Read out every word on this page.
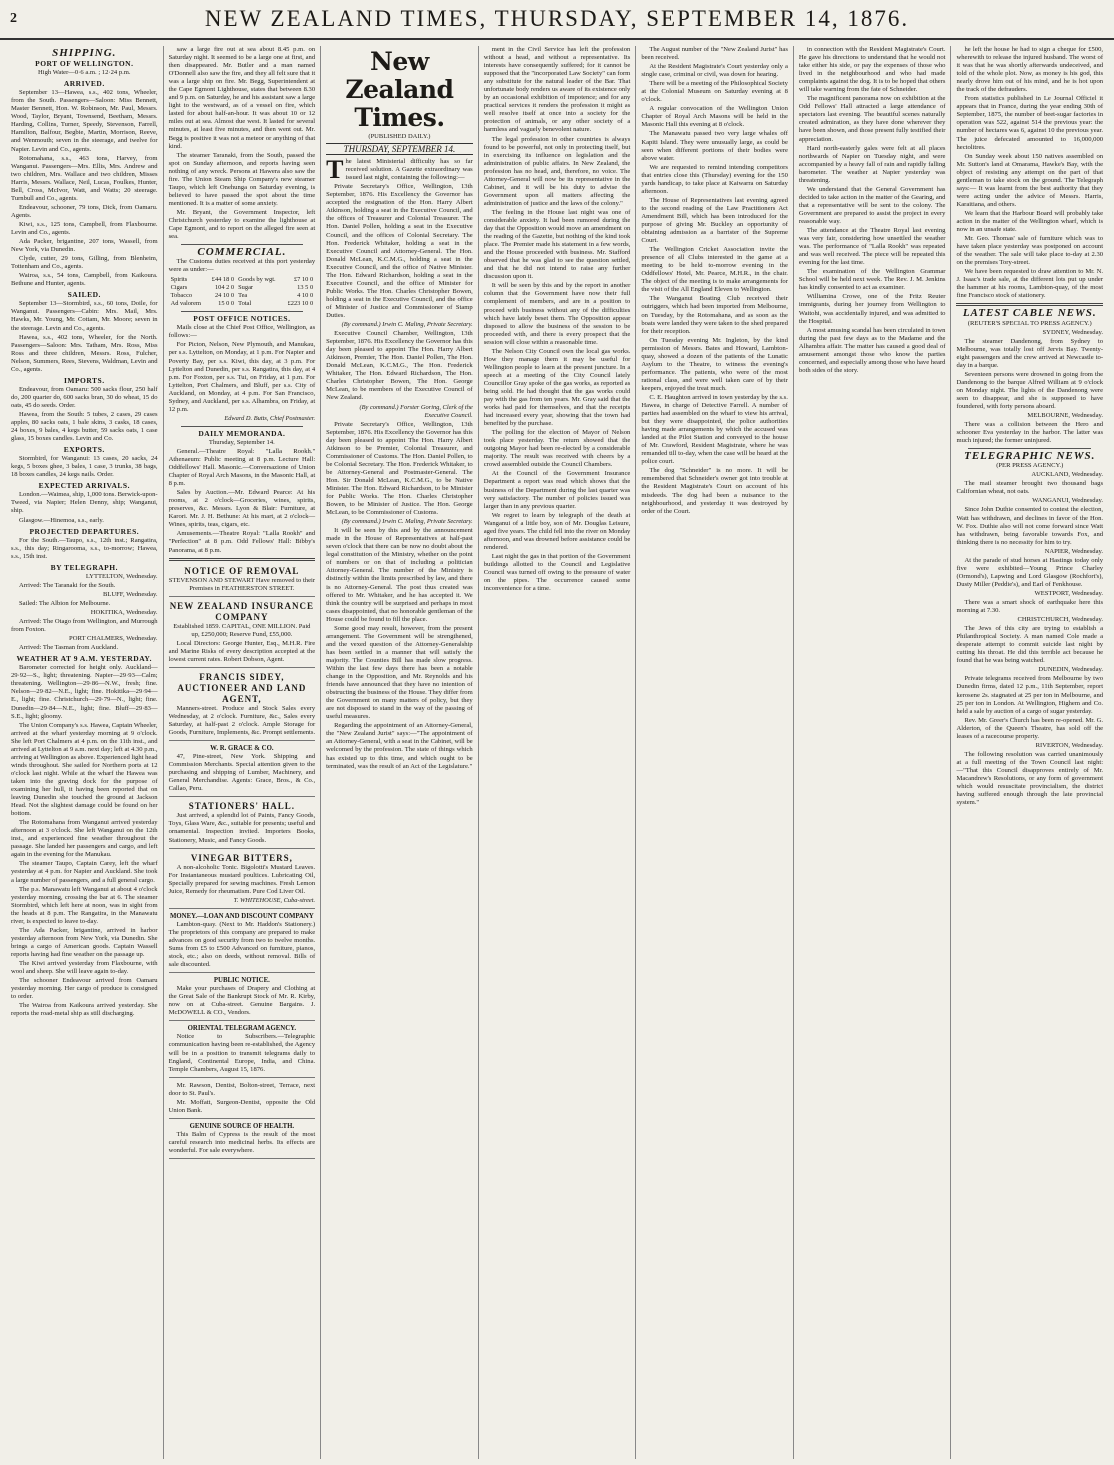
2	NEW ZEALAND TIMES, THURSDAY, SEPTEMBER 14, 1876.
SHIPPING.
PORT OF WELLINGTON.

High Water—0·6 a.m. ; 12·24 p.m.

ARRIVED.

September 13—Hawea, s.s., 402 tons, Wheeler, from the South. Passengers—Saloon: Miss Bennett, Master Bennett, Hon. W. Robinson, Mr. Paul, Messrs. Wood, Taylor, Bryant, Townsend, Beetham, Messrs. Harding, Collins, Turner, Speedy, Stevenson, Farrell, Hamilton, Balfour, Begbie, Martin, Morrison, Reeve, and Wenmouth; seven in the steerage, and twelve for Napier. Levin and Co., agents.

Rotomahana, s.s., 463 tons, Harvey, from Wanganui. Passengers—Mrs. Ellis, Mrs. Andrew and two children, Mrs. Wallace and two children, Misses Harris, Messrs. Wallace, Neil, Lucas, Foulkes, Hunter, Bell, Cross, McIvor, Watt, and Watts; 20 steerage. Turnbull and Co., agents.

Endeavour, schooner, 79 tons, Dick, from Oamaru. Agents.

Kiwi, s.s., 125 tons, Campbell, from Flaxbourne. Levin and Co., agents.

Ada Packer, brigantine, 207 tons, Wassell, from New York, via Dunedin.

Clyde, cutter, 29 tons, Gilling, from Blenheim, Tottenham and Co., agents.

Wairoa, s.s., 54 tons, Campbell, from Kaikoura. Bethune and Hunter, agents.

SAILED.

September 13—Stormbird, s.s., 60 tons, Doile, for Wanganui. Passengers—Cabin: Mrs. Mail, Mrs. Hawks, Mr. Young, Mr. Cottam, Mr. Moore; seven in the steerage. Levin and Co., agents.

Hawea, s.s., 402 tons, Wheeler, for the North. Passengers—Saloon: Mrs. Tatham, Mrs. Ross, Miss Ross and three children, Messrs. Ross, Fulcher, Nelson, Summers, Rees, Stevens, Waldman, Levin and Co., agents.

IMPORTS.

Endeavour, from Oamaru: 500 sacks flour, 250 half do, 200 quarter do, 600 sacks bran, 30 do wheat, 15 do oats, 45 do seeds. Order.

Hawea, from the South: 5 tubes, 2 cases, 29 cases apples, 80 sacks oats, 1 bale skins, 3 casks, 18 cases, 24 boxes, 9 bales, 4 kegs butter, 59 sacks oats, 1 case glass, 15 boxes candles. Levin and Co.

EXPORTS.

Stormbird, for Wanganui: 13 cases, 20 sacks, 24 kegs, 5 boxes ghee, 3 bales, 1 case, 3 trunks, 38 bags, 18 boxes candles, 24 kegs nails. Order.

EXPECTED ARRIVALS.

London.—Waimea, ship, 1,000 tons. Berwick-upon-Tweed, via Napier; Helen Denny, ship; Wanganui, ship.

Glasgow.—Hinemoa, s.s., early.

PROJECTED DEPARTURES.

For the South.—Taupo, s.s., 12th inst.; Rangatira, s.s., this day; Ringarooma, s.s., to-morrow; Hawea, s.s., 15th inst.

BY TELEGRAPH.

LYTTELTON, Wednesday.

Arrived: The Taranaki for the South.

BLUFF, Wednesday.

Sailed: The Albion for Melbourne.

HOKITIKA, Wednesday.

Arrived: The Otago from Wellington, and Murrough from Foxton.

PORT CHALMERS, Wednesday.

Arrived: The Tasman from Auckland.

WEATHER AT 9 A.M. YESTERDAY.

Barometer corrected for height only. Auckland—29·92—S., light; threatening. Napier—29·93—Calm; threatening. Wellington—29·86—N.W., fresh; fine. Nelson—29·82—N.E., light; fine. Hokitika—29·94—E., light; fine. Christchurch—29·79—N., light; fine. Dunedin—29·84—N.E., light; fine. Bluff—29·83—S.E., light; gloomy.

The Union Company's s.s. Hawea, Captain Wheeler, arrived at the wharf yesterday morning at 9 o'clock. She left Port Chalmers at 4 p.m. on the 11th inst., and arrived at Lyttelton at 9 a.m. next day; left at 4.30 p.m., arriving at Wellington as above. Experienced light head winds throughout. She sailed for Northern ports at 12 o'clock last night. While at the wharf the Hawea was taken into the graving dock for the purpose of examining her hull, it having been reported that on leaving Dunedin she touched the ground at Jackson Head. Not the slightest damage could be found on her bottom.

The Rotomahana from Wanganui arrived yesterday afternoon at 3 o'clock. She left Wanganui on the 12th inst., and experienced fine weather throughout the passage. She landed her passengers and cargo, and left again in the evening for the Manukau.

The steamer Taupo, Captain Carey, left the wharf yesterday at 4 p.m. for Napier and Auckland. She took a large number of passengers, and a full general cargo.

The p.s. Manawatu left Wanganui at about 4 o'clock yesterday morning, crossing the bar at 6. The steamer Stormbird, which left here at noon, was in sight from the heads at 8 p.m. The Rangatira, in the Manawatu river, is expected to leave to-day.

The Ada Packer, brigantine, arrived in harbor yesterday afternoon from New York, via Dunedin. She brings a cargo of American goods. Captain Wassell reports having had fine weather on the passage up.

The Kiwi arrived yesterday from Flaxbourne, with wool and sheep. She will leave again to-day.

The schooner Endeavour arrived from Oamaru yesterday morning. Her cargo of produce is consigned to order.

The Wairoa from Kaikoura arrived yesterday. She reports the road-metal ship as still discharging.

saw a large fire out at sea about 8.45 p.m. on Saturday night. It seemed to be a large one at first, and then disappeared. Mr. Butler and a man named O'Donnell also saw the fire, and they all felt sure that it was a large ship on fire. Mr. Begg, Superintendent at the Cape Egmont Lighthouse, states that between 8.30 and 9 p.m. on Saturday, he and his assistant saw a large light to the westward, as of a vessel on fire, which lasted for about half-an-hour. It was about 10 or 12 miles out at sea. Almost due west. It lasted for several minutes, at least five minutes, and then went out. Mr. Begg is positive it was not a meteor or anything of that kind.

The steamer Taranaki, from the South, passed the spot on Sunday afternoon, and reports having seen nothing of any wreck. Persons at Hawera also saw the fire. The Union Steam Ship Company's new steamer Taupo, which left Onehunga on Saturday evening, is believed to have passed the spot about the time mentioned. It is a matter of some anxiety.

Mr. Bryant, the Government Inspector, left Christchurch yesterday to examine the lighthouse at Cape Egmont, and to report on the alleged fire seen at sea.

COMMERCIAL.

The Customs duties received at this port yesterday were as under:—

Spirits	£44 18 0	Goods by wgt.	£7 10 0
Cigars	104 2 0	Sugar	13 5 0
Tobacco	24 10 0	Tea	4 10 0
Ad valorem	15 0 0	Total	£223 10 0
POST OFFICE NOTICES.

Mails close at the Chief Post Office, Wellington, as follows:—

For Picton, Nelson, New Plymouth, and Manukau, per s.s. Lyttelton, on Monday, at 1 p.m. For Napier and Poverty Bay, per s.s. Kiwi, this day, at 3 p.m. For Lyttelton and Dunedin, per s.s. Rangatira, this day, at 4 p.m. For Foxton, per s.s. Tui, on Friday, at 1 p.m. For Lyttelton, Port Chalmers, and Bluff, per s.s. City of Auckland, on Monday, at 4 p.m. For San Francisco, Sydney, and Auckland, per s.s. Alhambra, on Friday, at 12 p.m.

Edward D. Butts, Chief Postmaster.

DAILY MEMORANDA.

Thursday, September 14.

General.—Theatre Royal: "Lalla Rookh." Athenaeum: Public meeting at 8 p.m. Lecture Hall: Oddfellows' Hall. Masonic.—Conversazione of Union Chapter of Royal Arch Masons, in the Masonic Hall, at 8 p.m.

Sales by Auction.—Mr. Edward Pearce: At his rooms, at 2 o'clock—Groceries, wines, spirits, preserves, &c. Messrs. Lyon & Blair: Furniture, at Karori. Mr. J. H. Bethune: At his mart, at 2 o'clock—Wines, spirits, teas, cigars, etc.

Amusements.—Theatre Royal: "Lalla Rookh" and "Perfection" at 8 p.m. Odd Fellows' Hall: Bibby's Panorama, at 8 p.m.

NOTICE OF REMOVAL

STEVENSON AND STEWART Have removed to their Premises in FEATHERSTON STREET.

NEW ZEALAND INSURANCE COMPANY

Established 1859. CAPITAL, ONE MILLION. Paid up, £250,000; Reserve Fund, £55,000.

Local Directors: George Hunter, Esq., M.H.R. Fire and Marine Risks of every description accepted at the lowest current rates. Robert Dobson, Agent.

FRANCIS SIDEY, AUCTIONEER AND LAND AGENT,

Manners-street. Produce and Stock Sales every Wednesday, at 2 o'clock. Furniture, &c., Sales every Saturday, at half-past 2 o'clock. Ample Storage for Goods, Furniture, Implements, &c. Prompt settlements.

W. R. GRACE & CO.

47, Pine-street, New York. Shipping and Commission Merchants. Special attention given to the purchasing and shipping of Lumber, Machinery, and General Merchandise. Agents: Grace, Bros., & Co., Callao, Peru.

STATIONERS' HALL.

Just arrived, a splendid lot of Paints, Fancy Goods, Toys, Glass Ware, &c., suitable for presents; useful and ornamental. Inspection invited. Importers Books, Stationery, Music, and Fancy Goods.

VINEGAR BITTERS,

A non-alcoholic Tonic. Bigolotti's Mustard Leaves. For Instantaneous mustard poultices. Lubricating Oil, Specially prepared for sewing machines. Fresh Lemon Juice, Remedy for rheumatism. Pure Cod Liver Oil.

T. WHITEHOUSE, Cuba-street.

MONEY.—LOAN AND DISCOUNT COMPANY

Lambton-quay. (Next to Mr. Haddon's Stationery.) The proprietors of this company are prepared to make advances on good security from two to twelve months. Sums from £5 to £500 Advanced on furniture, pianos, stock, etc.; also on deeds, without removal. Bills of sale discounted.

PUBLIC NOTICE.

Make your purchases of Drapery and Clothing at the Great Sale of the Bankrupt Stock of Mr. R. Kirby, now on at Cuba-street. Genuine Bargains. J. McDOWELL & CO., Vendors.

ORIENTAL TELEGRAM AGENCY.

Notice to Subscribers.—Telegraphic communication having been re-established, the Agency will be in a position to transmit telegrams daily to England, Continental Europe, India, and China. Temple Chambers, August 15, 1876.

Mr. Rawson, Dentist, Bolton-street, Terrace, next door to St. Paul's.

Mr. Moffatt, Surgeon-Dentist, opposite the Old Union Bank.

GENUINE SOURCE OF HEALTH.

This Balm of Cypress is the result of the most careful research into medicinal herbs. Its effects are wonderful. For sale everywhere.

New Zealand Times.
(PUBLISHED DAILY.)
THURSDAY, SEPTEMBER 14.

The latest Ministerial difficulty has so far received solution. A Gazette extraordinary was issued last night, containing the following:—

Private Secretary's Office, Wellington, 13th September, 1876. His Excellency the Governor has accepted the resignation of the Hon. Harry Albert Atkinson, holding a seat in the Executive Council, and the offices of Treasurer and Colonial Treasurer. The Hon. Daniel Pollen, holding a seat in the Executive Council, and the offices of Colonial Secretary. The Hon. Frederick Whitaker, holding a seat in the Executive Council and Attorney-General. The Hon. Donald McLean, K.C.M.G., holding a seat in the Executive Council, and the office of Native Minister. The Hon. Edward Richardson, holding a seat in the Executive Council, and the office of Minister for Public Works. The Hon. Charles Christopher Bowen, holding a seat in the Executive Council, and the office of Minister of Justice and Commissioner of Stamp Duties.

(By command.) Irwin C. Maling, Private Secretary.

Executive Council Chamber, Wellington, 13th September, 1876. His Excellency the Governor has this day been pleased to appoint The Hon. Harry Albert Atkinson, Premier, The Hon. Daniel Pollen, The Hon. Donald McLean, K.C.M.G., The Hon. Frederick Whitaker, The Hon. Edward Richardson, The Hon. Charles Christopher Bowen, The Hon. George McLean, to be members of the Executive Council of New Zealand.

(By command.) Forster Goring, Clerk of the Executive Council.

Private Secretary's Office, Wellington, 13th September, 1876. His Excellency the Governor has this day been pleased to appoint The Hon. Harry Albert Atkinson to be Premier, Colonial Treasurer, and Commissioner of Customs. The Hon. Daniel Pollen, to be Colonial Secretary. The Hon. Frederick Whitaker, to be Attorney-General and Postmaster-General. The Hon. Sir Donald McLean, K.C.M.G., to be Native Minister. The Hon. Edward Richardson, to be Minister for Public Works. The Hon. Charles Christopher Bowen, to be Minister of Justice. The Hon. George McLean, to be Commissioner of Customs.

(By command.) Irwin C. Maling, Private Secretary.

It will be seen by this and by the announcement made in the House of Representatives at half-past seven o'clock that there can be now no doubt about the legal constitution of the Ministry, whether on the point of numbers or on that of including a politician Attorney-General. The number of the Ministry is distinctly within the limits prescribed by law, and there is no Attorney-General. The post thus created was offered to Mr. Whitaker, and he has accepted it. We think the country will be surprised and perhaps in most cases disappointed, that no honorable gentleman of the House could be found to fill the place.

Some good may result, however, from the present arrangement. The Government will be strengthened, and the vexed question of the Attorney-Generalship has been settled in a manner that will satisfy the majority. The Counties Bill has made slow progress. Within the last few days there has been a notable change in the Opposition, and Mr. Reynolds and his friends have announced that they have no intention of obstructing the business of the House. They differ from the Government on many matters of policy, but they are not disposed to stand in the way of the passing of useful measures.

Regarding the appointment of an Attorney-General, the "New Zealand Jurist" says:—"The appointment of an Attorney-General, with a seat in the Cabinet, will be welcomed by the profession. The state of things which has existed up to this time, and which ought to be terminated, was the result of an Act of the Legislature."

ment in the Civil Service has left the profession without a head, and without a representative. Its interests have consequently suffered; for it cannot be supposed that the "incorporated Law Society" can form any substitute for the natural leader of the Bar. That unfortunate body renders us aware of its existence only by an occasional exhibition of impotence; and for any practical services it renders the profession it might as well resolve itself at once into a society for the protection of animals, or any other society of a harmless and vaguely benevolent nature.

The legal profession in other countries is always found to be powerful, not only in protecting itself, but in exercising its influence on legislation and the administration of public affairs. In New Zealand, the profession has no head, and, therefore, no voice. The Attorney-General will now be its representative in the Cabinet, and it will be his duty to advise the Government upon all matters affecting the administration of justice and the laws of the colony."

The feeling in the House last night was one of considerable anxiety. It had been rumored during the day that the Opposition would move an amendment on the reading of the Gazette, but nothing of the kind took place. The Premier made his statement in a few words, and the House proceeded with business. Mr. Stafford observed that he was glad to see the question settled, and that he did not intend to raise any further discussion upon it.

It will be seen by this and by the report in another column that the Government have now their full complement of members, and are in a position to proceed with business without any of the difficulties which have lately beset them. The Opposition appear disposed to allow the business of the session to be proceeded with, and there is every prospect that the session will close within a reasonable time.

The Nelson City Council own the local gas works. How they manage them it may be useful for Wellington people to learn at the present juncture. In a speech at a meeting of the City Council lately Councillor Gray spoke of the gas works, as reported as being sold. He had thought that the gas works could pay with the gas from ten years. Mr. Gray said that the works had paid for themselves, and that the receipts had increased every year, showing that the town had benefited by the purchase.

The polling for the election of Mayor of Nelson took place yesterday. The return showed that the outgoing Mayor had been re-elected by a considerable majority. The result was received with cheers by a crowd assembled outside the Council Chambers.

At the Council of the Government Insurance Department a report was read which shows that the business of the Department during the last quarter was very satisfactory. The number of policies issued was larger than in any previous quarter.

We regret to learn by telegraph of the death at Wanganui of a little boy, son of Mr. Douglas Leisure, aged five years. The child fell into the river on Monday afternoon, and was drowned before assistance could be rendered.

Last night the gas in that portion of the Government buildings allotted to the Council and Legislative Council was turned off owing to the pressure of water on the pipes. The occurrence caused some inconvenience for a time.

The August number of the "New Zealand Jurist" has been received.

At the Resident Magistrate's Court yesterday only a single case, criminal or civil, was down for hearing.

There will be a meeting of the Philosophical Society at the Colonial Museum on Saturday evening at 8 o'clock.

A regular convocation of the Wellington Union Chapter of Royal Arch Masons will be held in the Masonic Hall this evening at 8 o'clock.

The Manawatu passed two very large whales off Kapiti Island. They were unusually large, as could be seen when different portions of their bodies were above water.

We are requested to remind intending competitors that entries close this (Thursday) evening for the 150 yards handicap, to take place at Kaiwarra on Saturday afternoon.

The House of Representatives last evening agreed to the second reading of the Law Practitioners Act Amendment Bill, which has been introduced for the purpose of giving Mr. Buckley an opportunity of obtaining admission as a barrister of the Supreme Court.

The Wellington Cricket Association invite the presence of all Clubs interested in the game at a meeting to be held to-morrow evening in the Oddfellows' Hotel, Mr. Pearce, M.H.R., in the chair. The object of the meeting is to make arrangements for the visit of the All England Eleven to Wellington.

The Wanganui Boating Club received their outriggers, which had been imported from Melbourne, on Tuesday, by the Rotomahana, and as soon as the boats were landed they were taken to the shed prepared for their reception.

On Tuesday evening Mr. Ingleton, by the kind permission of Messrs. Bates and Howard, Lambton-quay, showed a dozen of the patients of the Lunatic Asylum to the Theatre, to witness the evening's performance. The patients, who were of the most rational class, and were well taken care of by their keepers, enjoyed the treat much.

C. E. Haughton arrived in town yesterday by the s.s. Hawea, in charge of Detective Farrell. A number of parties had assembled on the wharf to view his arrival, but they were disappointed, the police authorities having made arrangements by which the accused was landed at the Pilot Station and conveyed to the house of Mr. Crawford, Resident Magistrate, where he was remanded till to-day, when the case will be heard at the police court.

The dog "Schneider" is no more. It will be remembered that Schneider's owner got into trouble at the Resident Magistrate's Court on account of his misdeeds. The dog had been a nuisance to the neighbourhood, and yesterday it was destroyed by order of the Court.

in connection with the Resident Magistrate's Court. He gave his directions to understand that he would not take either his side, or pay the expenses of those who lived in the neighbourhood and who had made complaints against the dog. It is to be hoped that others will take warning from the fate of Schneider.

The magnificent panorama now on exhibition at the Odd Fellows' Hall attracted a large attendance of spectators last evening. The beautiful scenes naturally created admiration, as they have done wherever they have been shown, and those present fully testified their appreciation.

Hard north-easterly gales were felt at all places northwards of Napier on Tuesday night, and were accompanied by a heavy fall of rain and rapidly falling barometer. The weather at Napier yesterday was threatening.

We understand that the General Government has decided to take action in the matter of the Gearing, and that a representative will be sent to the colony. The Government are prepared to assist the project in every reasonable way.

The attendance at the Theatre Royal last evening was very fair, considering how unsettled the weather was. The performance of "Lalla Rookh" was repeated and was well received. The piece will be repeated this evening for the last time.

The examination of the Wellington Grammar School will be held next week. The Rev. J. M. Jenkins has kindly consented to act as examiner.

Williamina Crowe, one of the Fritz Reuter immigrants, during her journey from Wellington to Waitohi, was accidentally injured, and was admitted to the Hospital.

A most amusing scandal has been circulated in town during the past few days as to the Madame and the Alhambra affair. The matter has caused a good deal of amusement amongst those who know the parties concerned, and especially among those who have heard both sides of the story.

he left the house he had to sign a cheque for £500, wherewith to release the injured husband. The worst of it was that he was shortly afterwards undeceived, and told of the whole plot. Now, as money is his god, this nearly drove him out of his mind, and he is hot upon the track of the defrauders.

From statistics published in Le Journal Officiel it appears that in France, during the year ending 30th of September, 1875, the number of beet-sugar factories in operation was 522, against 514 the previous year: the number of hectares was 6, against 10 the previous year. The juice defecated amounted to 16,000,000 hectolitres.

On Sunday week about 150 natives assembled on Mr. Sutton's land at Omarama, Hawke's Bay, with the object of resisting any attempt on the part of that gentleman to take stock on the ground. The Telegraph says:— It was learnt from the best authority that they were acting under the advice of Messrs. Harris, Karaitiana, and others.

We learn that the Harbour Board will probably take action in the matter of the Wellington wharf, which is now in an unsafe state.

Mr. Geo. Thomas' sale of furniture which was to have taken place yesterday was postponed on account of the weather. The sale will take place to-day at 2.30 on the premises Tory-street.

We have been requested to draw attention to Mr. N. J. Isaac's trade sale, at the different lots put up under the hammer at his rooms, Lambton-quay, of the most fine Francisco stock of stationery.

LATEST CABLE NEWS.

(REUTER'S SPECIAL TO PRESS AGENCY.)

SYDNEY, Wednesday.

The steamer Dandenong, from Sydney to Melbourne, was totally lost off Jervis Bay. Twenty-eight passengers and the crew arrived at Newcastle to-day in a barque.

Seventeen persons were drowned in going from the Dandenong to the barque Alfred William at 9 o'clock on Monday night. The lights of the Dandenong were seen to disappear, and she is supposed to have foundered, with forty persons aboard.

MELBOURNE, Wednesday.

There was a collision between the Hero and schooner Eva yesterday in the harbor. The latter was much injured; the former uninjured.

TELEGRAPHIC NEWS.

(PER PRESS AGENCY.)

AUCKLAND, Wednesday.

The mail steamer brought two thousand bags Californian wheat, not oats.

WANGANUI, Wednesday.

Since John Duthie consented to contest the election, Watt has withdrawn, and declines in favor of the Hon. W. Fox. Duthie also will not come forward since Watt has withdrawn, being favorable towards Fox, and thinking there is no necessity for him to try.

NAPIER, Wednesday.

At the parade of stud horses at Hastings today only five were exhibited—Young Prince Charley (Ormond's), Lapwing and Lord Glasgow (Rochfort's), Dusty Miller (Peddie's), and Earl of Fenkhouse.

WESTPORT, Wednesday.

There was a smart shock of earthquake here this morning at 7.30.

CHRISTCHURCH, Wednesday.

The Jews of this city are trying to establish a Philanthropical Society. A man named Cole made a desperate attempt to commit suicide last night by cutting his throat. He did this terrible act because he found that he was being watched.

DUNEDIN, Wednesday.

Private telegrams received from Melbourne by two Dunedin firms, dated 12 p.m., 11th September, report kerosene 2s. stagnated at 25 per ton in Melbourne, and 25 per ton in London. At Wellington, Highem and Co. held a sale by auction of a cargo of sugar yesterday.

Rev. Mr. Greer's Church has been re-opened. Mr. G. Alderton, of the Queen's Theatre, has sold off the leases of a racecourse property.

RIVERTON, Wednesday.

The following resolution was carried unanimously at a full meeting of the Town Council last night:—"That this Council disapproves entirely of Mr. Macandrew's Resolutions, or any form of government which would resuscitate provincialism, the district having suffered enough through the late provincial system."
